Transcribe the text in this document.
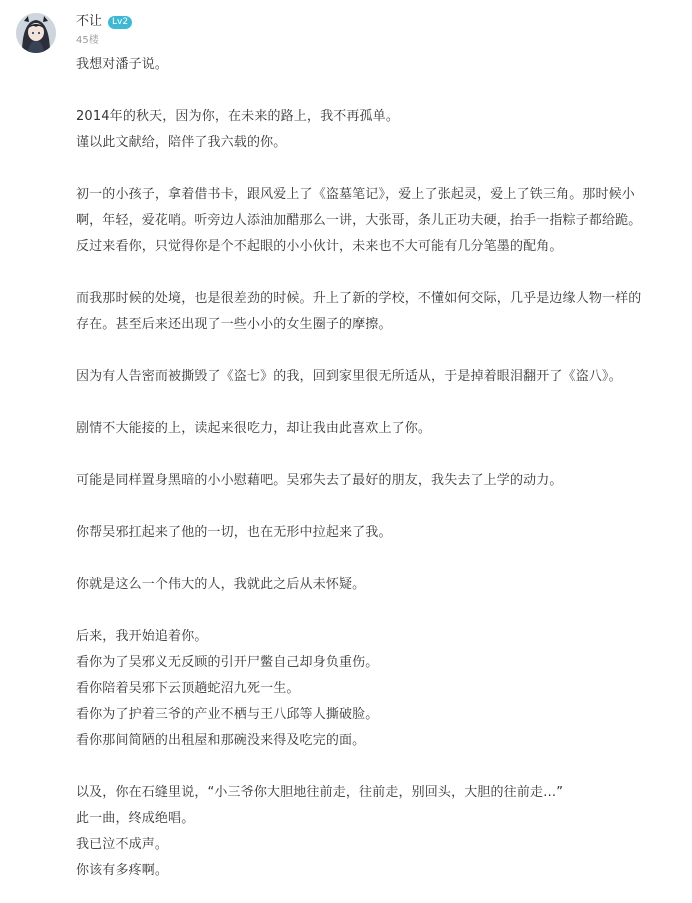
不让	Lv2
45楼
我想对潘子说。
2014年的秋天，因为你，在未来的路上，我不再孤单。
谨以此文献给，陪伴了我六载的你。
初一的小孩子，拿着借书卡，跟风爱上了《盗墓笔记》，爱上了张起灵，爱上了铁三角。那时候小
啊，年轻，爱花哨。听旁边人添油加醋那么一讲，大张哥，条儿正功夫硬，抬手一指粽子都给跪。
反过来看你，只觉得你是个不起眼的小小伙计，未来也不大可能有几分笔墨的配角。
而我那时候的处境，也是很差劲的时候。升上了新的学校，不懂如何交际，几乎是边缘人物一样的
存在。甚至后来还出现了一些小小的女生圈子的摩擦。
因为有人告密而被撕毁了《盗七》的我，回到家里很无所适从，于是掉着眼泪翻开了《盗八》。
剧情不大能接的上，读起来很吃力，却让我由此喜欢上了你。
可能是同样置身黑暗的小小慰藉吧。吴邪失去了最好的朋友，我失去了上学的动力。
你帮吴邪扛起来了他的一切，也在无形中拉起来了我。
你就是这么一个伟大的人，我就此之后从未怀疑。
后来，我开始追着你。
看你为了吴邪义无反顾的引开尸鳖自己却身负重伤。
看你陪着吴邪下云顶趟蛇沼九死一生。
看你为了护着三爷的产业不栖与王八邱等人撕破脸。
看你那间简陋的出租屋和那碗没来得及吃完的面。
以及，你在石缝里说，“小三爷你大胆地往前走，往前走，别回头，大胆的往前走…”
此一曲，终成绝唱。
我已泣不成声。
你该有多疼啊。
